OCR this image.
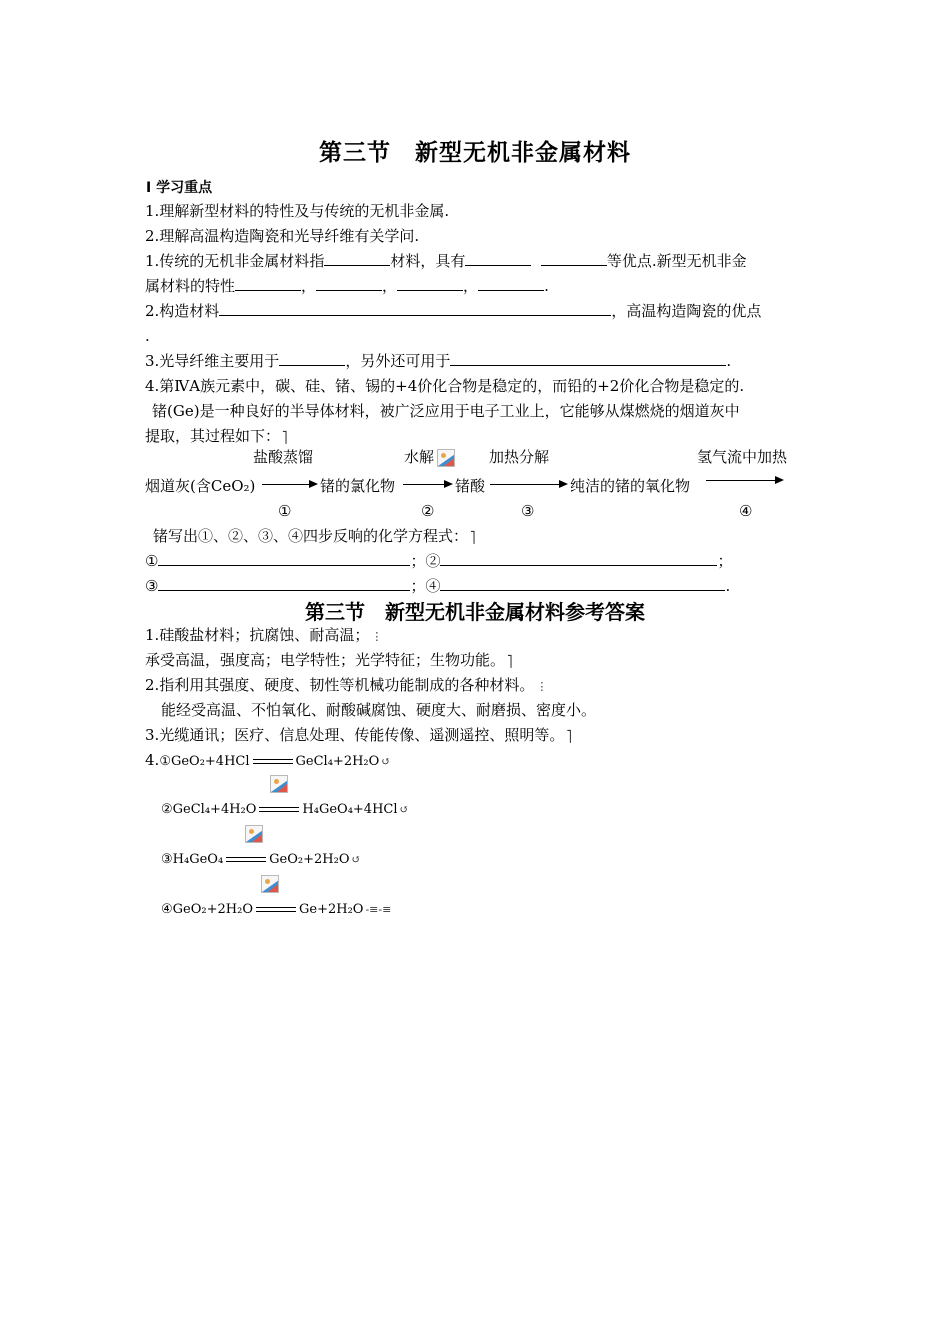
第三节　新型无机非金属材料
Ⅰ 学习重点
1.理解新型材料的特性及与传统的无机非金属.
2.理解高温构造陶瓷和光导纤维有关学问.
1.传统的无机非金属材料指	材料，具有	等优点.新型无机非金
属材料的特性	，	，	，	.
2.构造材料	，高温构造陶瓷的优点
.
3.光导纤维主要用于	，另外还可用于	.
4.第ⅣA族元素中，碳、硅、锗、锡的+4价化合物是稳定的，而铅的+2价化合物是稳定的.
锗(Ge)是一种良好的半导体材料，被广泛应用于电子工业上，它能够从煤燃烧的烟道灰中
提取，其过程如下： ⎤
盐酸蒸馏	水解	加热分解	氢气流中加热
烟道灰(含CeO₂)	锗的氯化物	锗酸	纯洁的锗的氧化物
①	②	③	④
锗写出①、②、③、④四步反响的化学方程式： ⎤
①	；②	；
③	；④	.
第三节　新型无机非金属材料参考答案
1.硅酸盐材料；抗腐蚀、耐高温； ⋮
承受高温，强度高；电学特性；光学特征；生物功能。 ⎤
2.指利用其强度、硬度、韧性等机械功能制成的各种材料。 ⋮
能经受高温、不怕氧化、耐酸碱腐蚀、硬度大、耐磨损、密度小。
3.光缆通讯；医疗、信息处理、传能传像、遥测遥控、照明等。 ⎤
4.①GeO₂+4HCl	GeCl₄+2H₂O ↺
②GeCl₄+4H₂O	H₄GeO₄+4HCl ↺
③H₄GeO₄	GeO₂+2H₂O ↺
④GeO₂+2H₂O	Ge+2H₂O -≡-≡
